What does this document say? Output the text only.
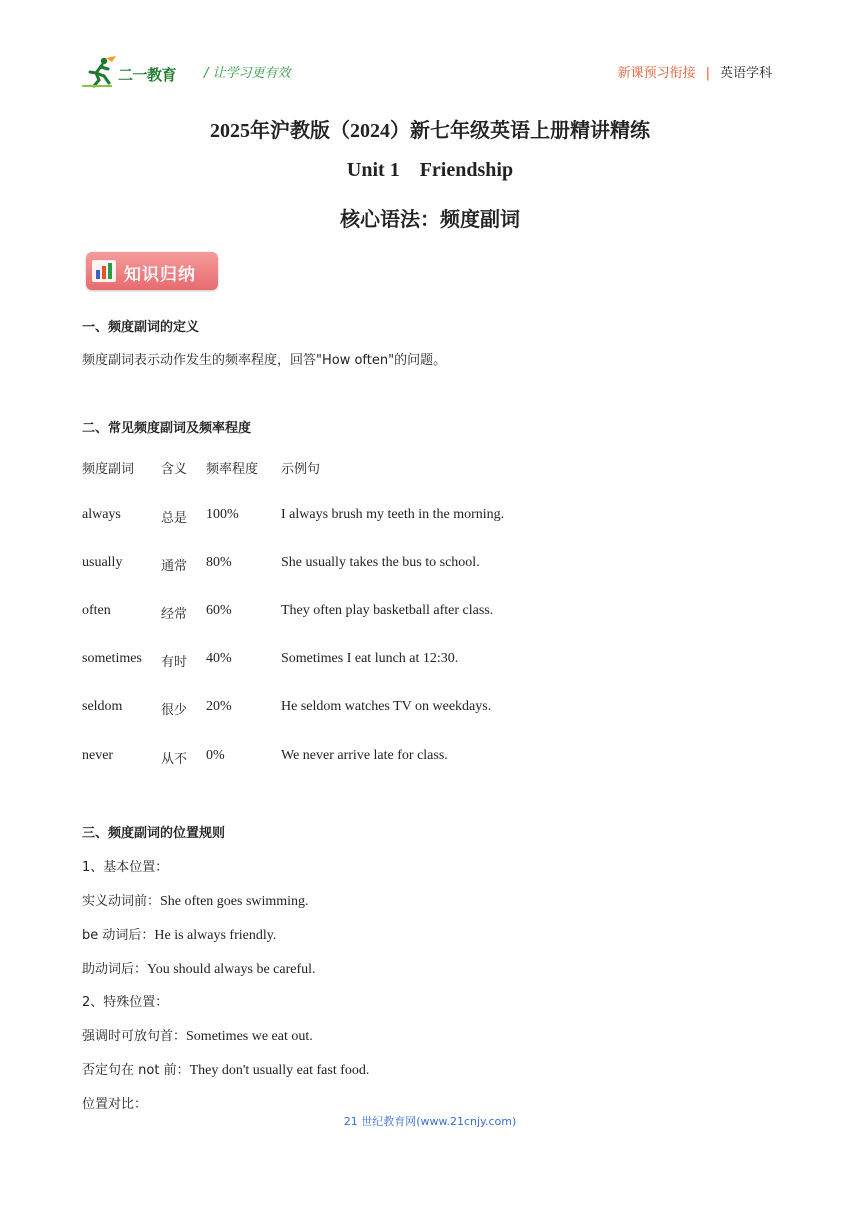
二一教育 / 让学习更有效	新课预习衔接 | 英语学科
2025年沪教版（2024）新七年级英语上册精讲精练
Unit 1    Friendship
核心语法：频度副词
知识归纳
一、频度副词的定义
频度副词表示动作发生的频率程度，回答"How often"的问题。
二、常见频度副词及频率程度
频度副词 含义 频率程度 示例句
always	总是 100%	I always brush my teeth in the morning.
usually	通常 80%	She usually takes the bus to school.
often	经常 60%	They often play basketball after class.
sometimes 有时 40%	Sometimes I eat lunch at 12:30.
seldom	很少 20%	He seldom watches TV on weekdays.
never	从不 0%	We never arrive late for class.
三、频度副词的位置规则
1、基本位置：
实义动词前：She often goes swimming.
be 动词后：He is always friendly.
助动词后：You should always be careful.
2、特殊位置：
强调时可放句首：Sometimes we eat out.
否定句在 not 前：They don't usually eat fast food.
位置对比：
21 世纪教育网(www.21cnjy.com)
